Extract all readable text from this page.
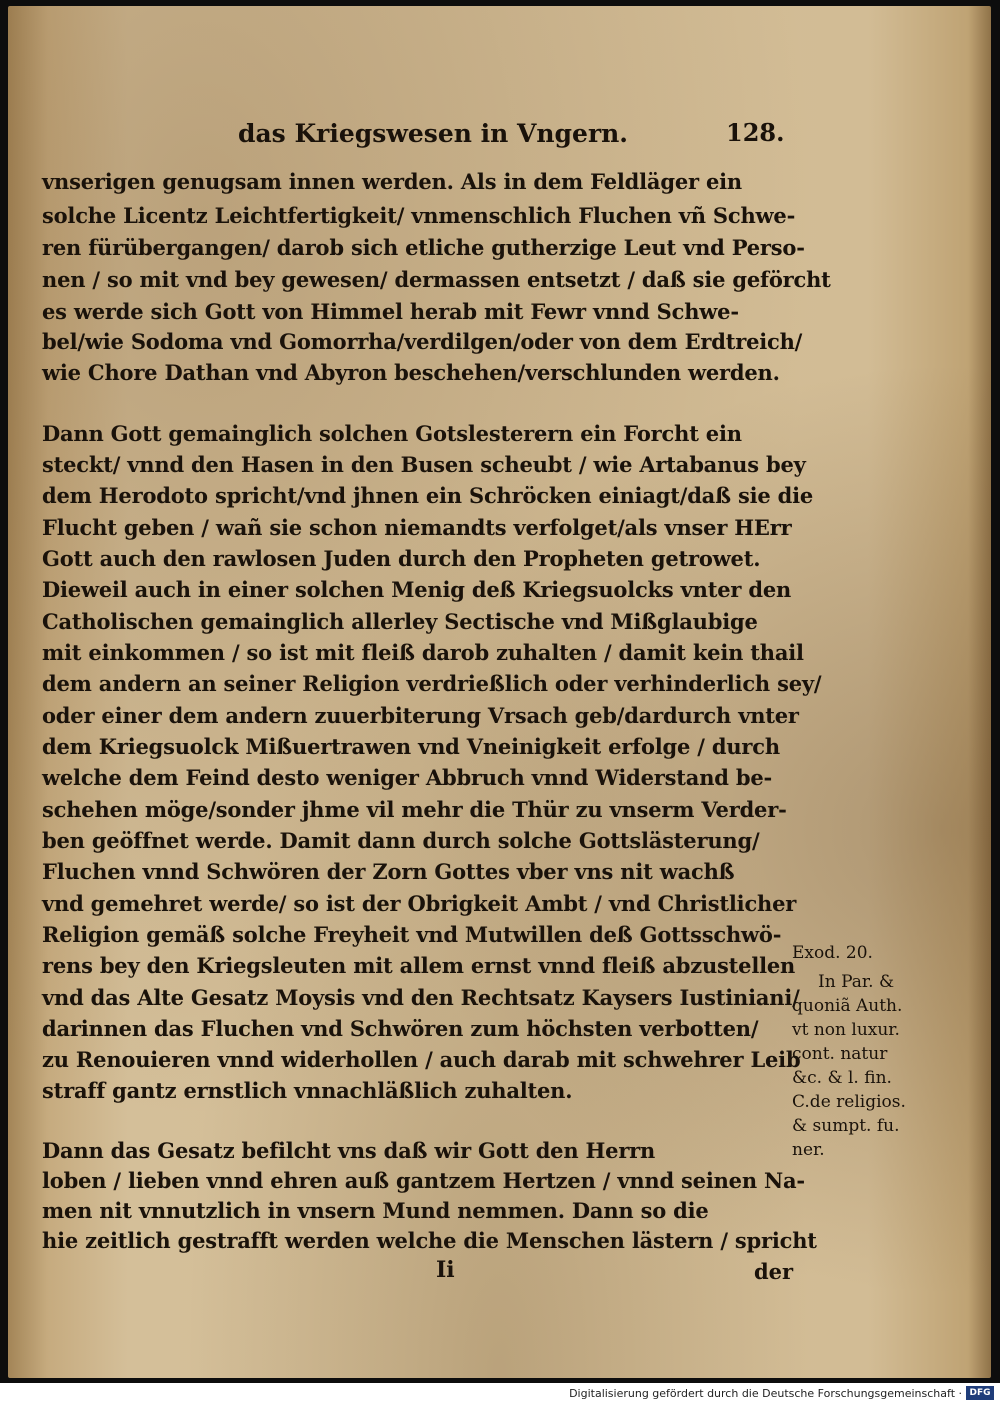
das Kriegswesen in Vngern.	128.
vnserigen genugsam innen werden. Als in dem Feldläger ein
solche Licentz Leichtfertigkeit/ vnmenschlich Fluchen vñ Schwe-
ren fürübergangen/ darob sich etliche gutherzige Leut vnd Perso-
nen / so mit vnd bey gewesen/ dermassen entsetzt / daß sie geförcht
es werde sich Gott von Himmel herab mit Fewr vnnd Schwe-
bel/wie Sodoma vnd Gomorrha/verdilgen/oder von dem Erdtreich/
wie Chore Dathan vnd Abyron beschehen/verschlunden werden.
Dann Gott gemainglich solchen Gotslesterern ein Forcht ein
steckt/ vnnd den Hasen in den Busen scheubt / wie Artabanus bey
dem Herodoto spricht/vnd jhnen ein Schröcken einiagt/daß sie die
Flucht geben / wañ sie schon niemandts verfolget/als vnser HErr
Gott auch den rawlosen Juden durch den Propheten getrowet.
Dieweil auch in einer solchen Menig deß Kriegsuolcks vnter den
Catholischen gemainglich allerley Sectische vnd Mißglaubige
mit einkommen / so ist mit fleiß darob zuhalten / damit kein thail
dem andern an seiner Religion verdrießlich oder verhinderlich sey/
oder einer dem andern zuuerbiterung Vrsach geb/dardurch vnter
dem Kriegsuolck Mißuertrawen vnd Vneinigkeit erfolge / durch
welche dem Feind desto weniger Abbruch vnnd Widerstand be-
schehen möge/sonder jhme vil mehr die Thür zu vnserm Verder-
ben geöffnet werde. Damit dann durch solche Gottslästerung/
Fluchen vnnd Schwören der Zorn Gottes vber vns nit wachß
vnd gemehret werde/ so ist der Obrigkeit Ambt / vnd Christlicher
Religion gemäß solche Freyheit vnd Mutwillen deß Gottsschwö-
rens bey den Kriegsleuten mit allem ernst vnnd fleiß abzustellen
vnd das Alte Gesatz Moysis vnd den Rechtsatz Kaysers Iustiniani/
darinnen das Fluchen vnd Schwören zum höchsten verbotten/
zu Renouieren vnnd widerhollen / auch darab mit schwehrer Leib
straff gantz ernstlich vnnachläßlich zuhalten.
Dann das Gesatz befilcht vns daß wir Gott den Herrn
loben / lieben vnnd ehren auß gantzem Hertzen / vnnd seinen Na-
men nit vnnutzlich in vnsern Mund nemmen. Dann so die
hie zeitlich gestrafft werden welche die Menschen lästern / spricht
Exod. 20.
In Par. &
quoniã Auth.
vt non luxur.
cont. natur
&c. & l. fin.
C.de religios.
& sumpt. fu.
ner.
Ii	der
Digitalisierung gefördert durch die Deutsche Forschungsgemeinschaft · DFG
